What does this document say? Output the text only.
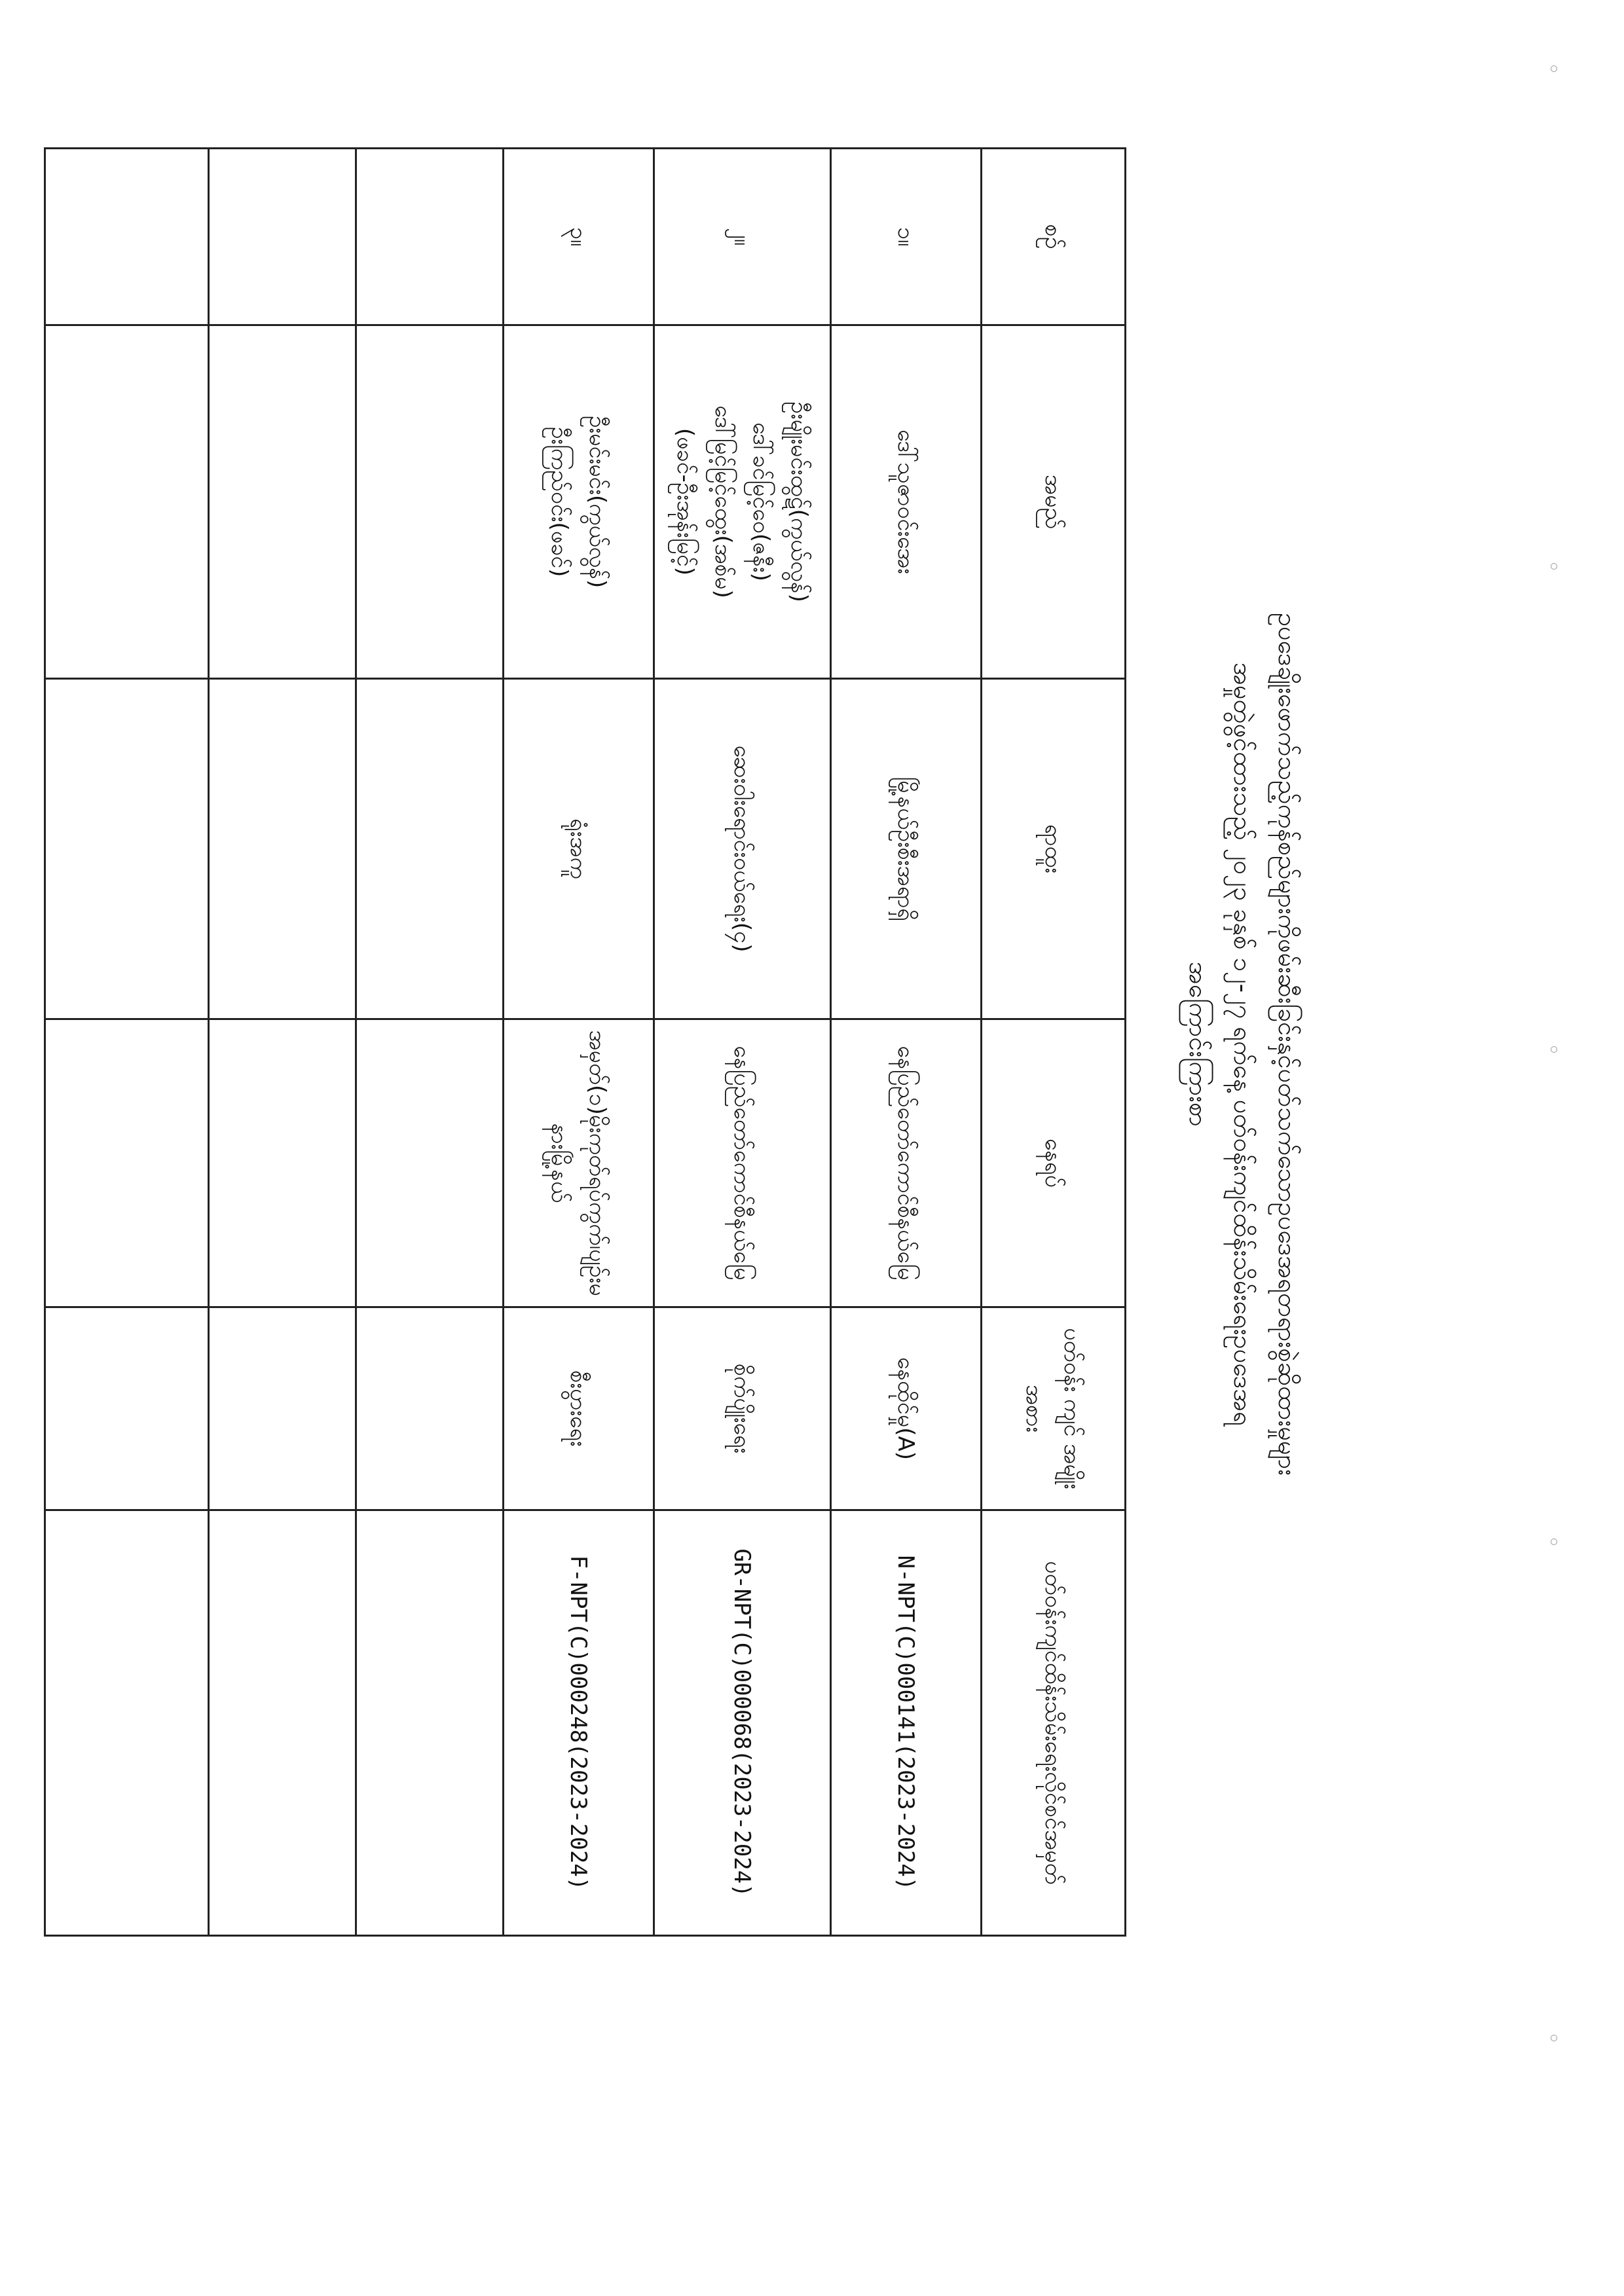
ဥပဒေချိုးဖောက်သည့်ကုန်စည်များကိုဖမ်းဆီးခြင်းနှင့်ပတ်သက်သောဥပဒေအရတရားစွဲဆိုထားမှုများ
အမှုတွဲဖွင့်ထားသည့် ၂၀၂၃ ခုနှစ် ၁၂-၂၇ ရက်နေ့ ပတ်ဝန်းကျင်ထိန်းသိမ်းရေးဥပဒေအရ
အကြောင်းကြားစာ
စဉ်	အမည်	ရာထူး	နေရပ်	ပတ်ဝန်း ကျင် အမျိုးအစား	ပတ်ဝန်းကျင်ထိန်းသိမ်းရေးလိုင်စင်အမှတ်
၁။	ဒေါ်သူဇာဝင်းအေး	မြို့နယ်ဦးစီးအရာရှိ	နေပြည်တော်ကောင်စီနယ်မြေ	နေထိုင်မှု(A)	N-NPT(C)000141(2023-2024)
၂။	ဦးမျိုးမင်းထွဋ်(ကွယ်လွန်)
ဒေါ်ခင်မြင့်ဝေ(ဇနီး)
ဒေါ်မြင့်မြင့်ထွေး(အစ်မ)
(ဖခင်-ဦးအုန်းမြင့်)	ဆေးဝါးရောင်းဝယ်ရေး(၄)	နေပြည်တော်ကောင်စီနယ်မြေ	စိုက်ပျိုးရေး	GR-NPT(C)000068(2023-2024)
၃။	ဦးမင်းမင်း(ကွယ်လွန်)
ဦးကြည်ဝင်း(ဖခင်)	ရုံးအကူ	အမှတ်(၁)မိုးကုတ်ရပ်ကွက်၊ပျဉ်းမနားမြို့နယ်	စီးပွားရေး	F-NPT(C)000248(2023-2024)
